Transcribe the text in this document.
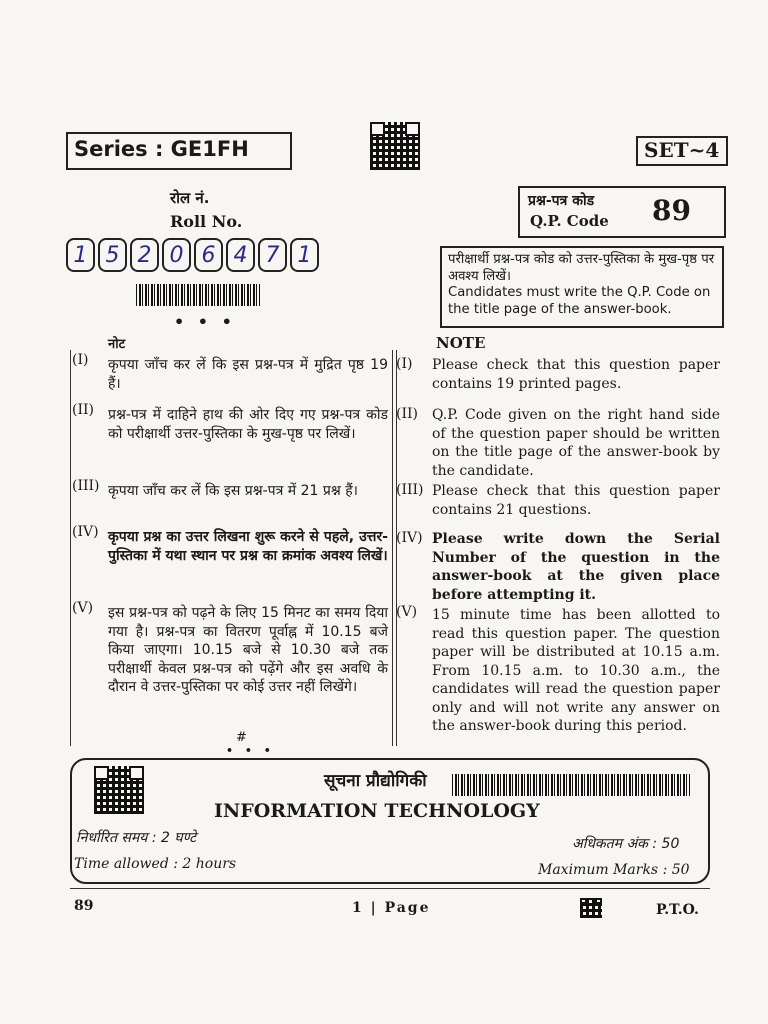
Series : GE1FH	SET~4
रोल नं.
Roll No.
1 5 2 0 6 4 7 1
• • •
प्रश्न-पत्र कोड
Q.P. Code 89
परीक्षार्थी प्रश्न-पत्र कोड को उत्तर-पुस्तिका के मुख-पृष्ठ पर अवश्य लिखें।
Candidates must write the Q.P. Code on the title page of the answer-book.
नोट	NOTE
(I) कृपया जाँच कर लें कि इस प्रश्न-पत्र में मुद्रित पृष्ठ 19 हैं।
(II) प्रश्न-पत्र में दाहिने हाथ की ओर दिए गए प्रश्न-पत्र कोड को परीक्षार्थी उत्तर-पुस्तिका के मुख-पृष्ठ पर लिखें।
(III) कृपया जाँच कर लें कि इस प्रश्न-पत्र में 21 प्रश्न हैं।
(IV) कृपया प्रश्न का उत्तर लिखना शुरू करने से पहले, उत्तर-पुस्तिका में यथा स्थान पर प्रश्न का क्रमांक अवश्य लिखें।
(V) इस प्रश्न-पत्र को पढ़ने के लिए 15 मिनट का समय दिया गया है। प्रश्न-पत्र का वितरण पूर्वाह्न में 10.15 बजे किया जाएगा। 10.15 बजे से 10.30 बजे तक परीक्षार्थी केवल प्रश्न-पत्र को पढ़ेंगे और इस अवधि के दौरान वे उत्तर-पुस्तिका पर कोई उत्तर नहीं लिखेंगे।
(I) Please check that this question paper contains 19 printed pages.
(II) Q.P. Code given on the right hand side of the question paper should be written on the title page of the answer-book by the candidate.
(III) Please check that this question paper contains 21 questions.
(IV) Please write down the Serial Number of the question in the answer-book at the given place before attempting it.
(V) 15 minute time has been allotted to read this question paper. The question paper will be distributed at 10.15 a.m. From 10.15 a.m. to 10.30 a.m., the candidates will read the question paper only and will not write any answer on the answer-book during this period.
#
• • •
सूचना प्रौद्योगिकी
INFORMATION TECHNOLOGY
निर्धारित समय : 2 घण्टे	अधिकतम अंक : 50
Time allowed : 2 hours	Maximum Marks : 50
89	1 | Page	P.T.O.
